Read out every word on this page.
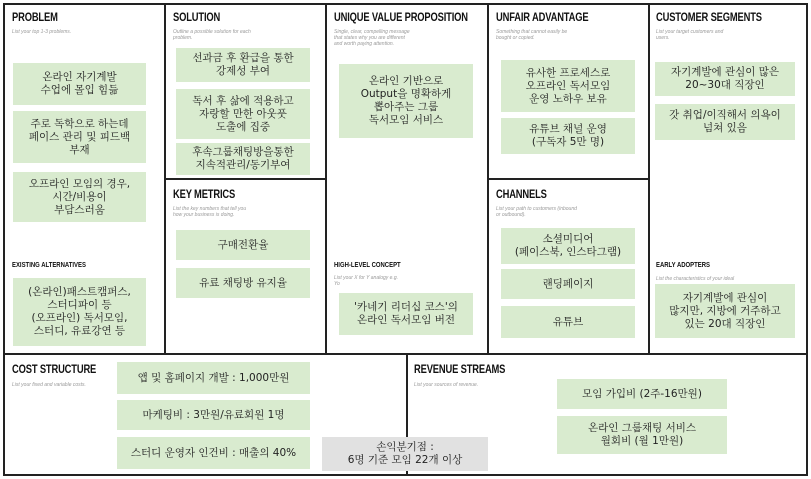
PROBLEM
List your top 1-3 problems.
EXISTING ALTERNATIVES
SOLUTION
Outline a possible solution for each
problem.
KEY METRICS
List the key numbers that tell you
how your business is doing.
UNIQUE VALUE PROPOSITION
Single, clear, compelling message
that states why you are different
and worth paying attention.
HIGH-LEVEL CONCEPT
List your X for Y analogy e.g.
Yo
UNFAIR ADVANTAGE
Something that cannot easily be
bought or copied.
CHANNELS
List your path to customers (inbound
or outbound).
CUSTOMER SEGMENTS
List your target customers and
users.
EARLY ADOPTERS
List the characteristics of your ideal
COST STRUCTURE
List your fixed and variable costs.
REVENUE STREAMS
List your sources of revenue.
온라인 자기계발
수업에 몰입 힘듦
주로 독학으로 하는데
페이스 관리 및 피드백
부재
오프라인 모임의 경우,
시간/비용이
부담스러움
(온라인)패스트캠퍼스,
스터디파이 등
(오프라인) 독서모임,
스터디, 유료강연 등
선과금 후 환급을 통한
강제성 부여
독서 후 삶에 적용하고
자랑할 만한 아웃풋
도출에 집중
후속그룹채팅방을통한
지속적관리/동기부여
구매전환율
유료 채팅방 유지율
온라인 기반으로
Output을 명확하게
뽑아주는 그룹
독서모임 서비스
'카네기 리더십 코스'의
온라인 독서모임 버전
유사한 프로세스로
오프라인 독서모임
운영 노하우 보유
유튜브 채널 운영
(구독자 5만 명)
소셜미디어
(페이스북, 인스타그램)
랜딩페이지
유튜브
자기계발에 관심이 많은
20~30대 직장인
갓 취업/이직해서 의욕이
넘쳐 있음
자기계발에 관심이
많지만, 지방에 거주하고
있는 20대 직장인
앱 및 홈페이지 개발 : 1,000만원
마케팅비 : 3만원/유료회원 1명
스터디 운영자 인건비 : 매출의 40%	손익분기점 :
6명 기준 모임 22개 이상
모임 가입비 (2주-16만원)
온라인 그룹채팅 서비스
월회비 (월 1만원)
